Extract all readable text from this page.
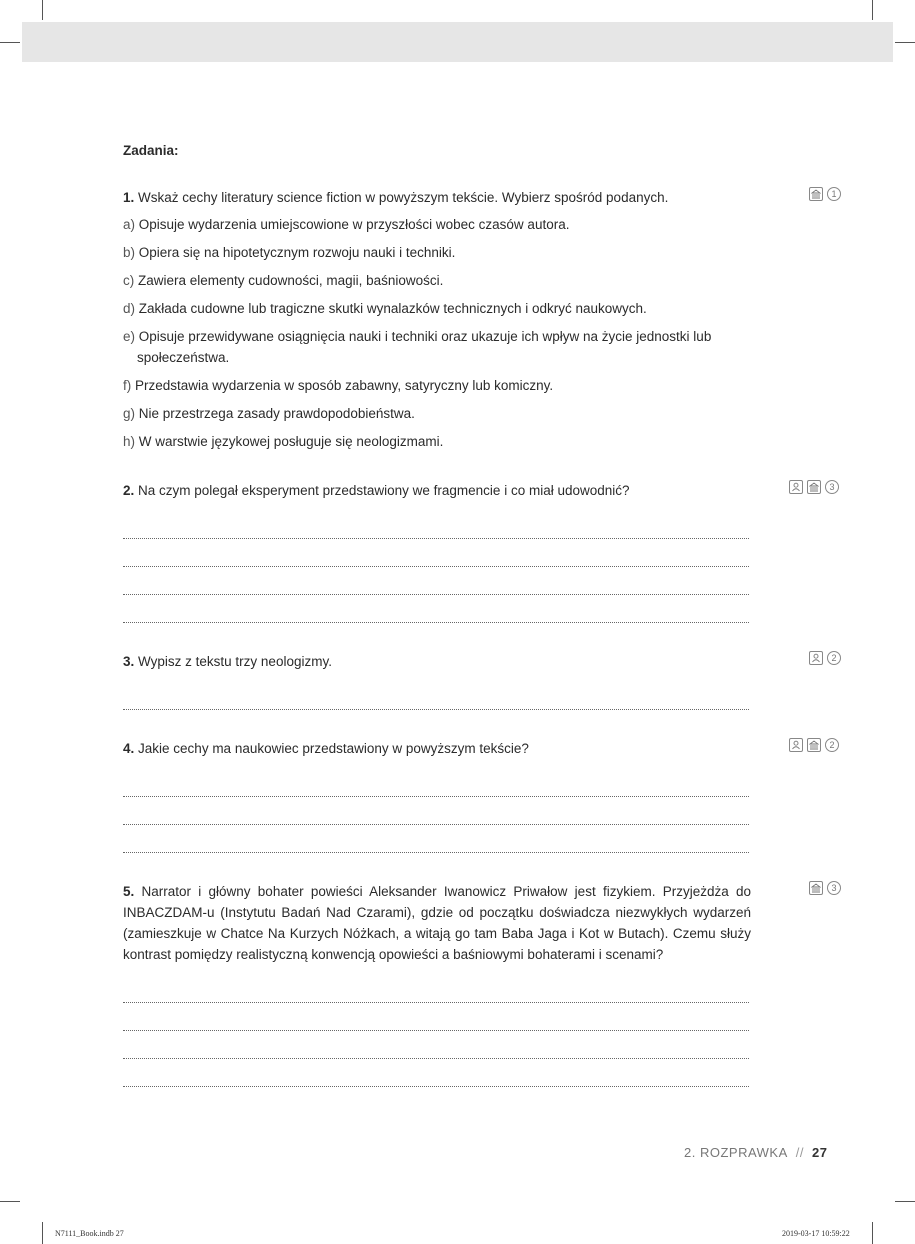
Zadania:

1. Wskaż cechy literatury science fiction w powyższym tekście. Wybierz spośród podanych.

a) Opisuje wydarzenia umiejscowione w przyszłości wobec czasów autora.

b) Opiera się na hipotetycznym rozwoju nauki i techniki.

c) Zawiera elementy cudowności, magii, baśniowości.

d) Zakłada cudowne lub tragiczne skutki wynalazków technicznych i odkryć naukowych.

e) Opisuje przewidywane osiągnięcia nauki i techniki oraz ukazuje ich wpływ na życie jednostki lub społeczeństwa.

f) Przedstawia wydarzenia w sposób zabawny, satyryczny lub komiczny.

g) Nie przestrzega zasady prawdopodobieństwa.

h) W warstwie językowej posługuje się neologizmami.

1

2. Na czym polegał eksperyment przedstawiony we fragmencie i co miał udowodnić?	3

3. Wypisz z tekstu trzy neologizmy.	2

4. Jakie cechy ma naukowiec przedstawiony w powyższym tekście?	2

5. Narrator i główny bohater powieści Aleksander Iwanowicz Priwałow jest fizykiem. Przyjeżdża do INBACZDAM-u (Instytutu Badań Nad Czarami), gdzie od początku doświadcza niezwykłych wydarzeń (zamieszkuje w Chatce Na Kurzych Nóżkach, a witają go tam Baba Jaga i Kot w Butach). Czemu służy kontrast pomiędzy realistyczną konwencją opowieści a baśniowymi bohaterami i scenami?

3
2. ROZPRAWKA // 27
N7111_Book.indb 27	2019-03-17 10:59:22
